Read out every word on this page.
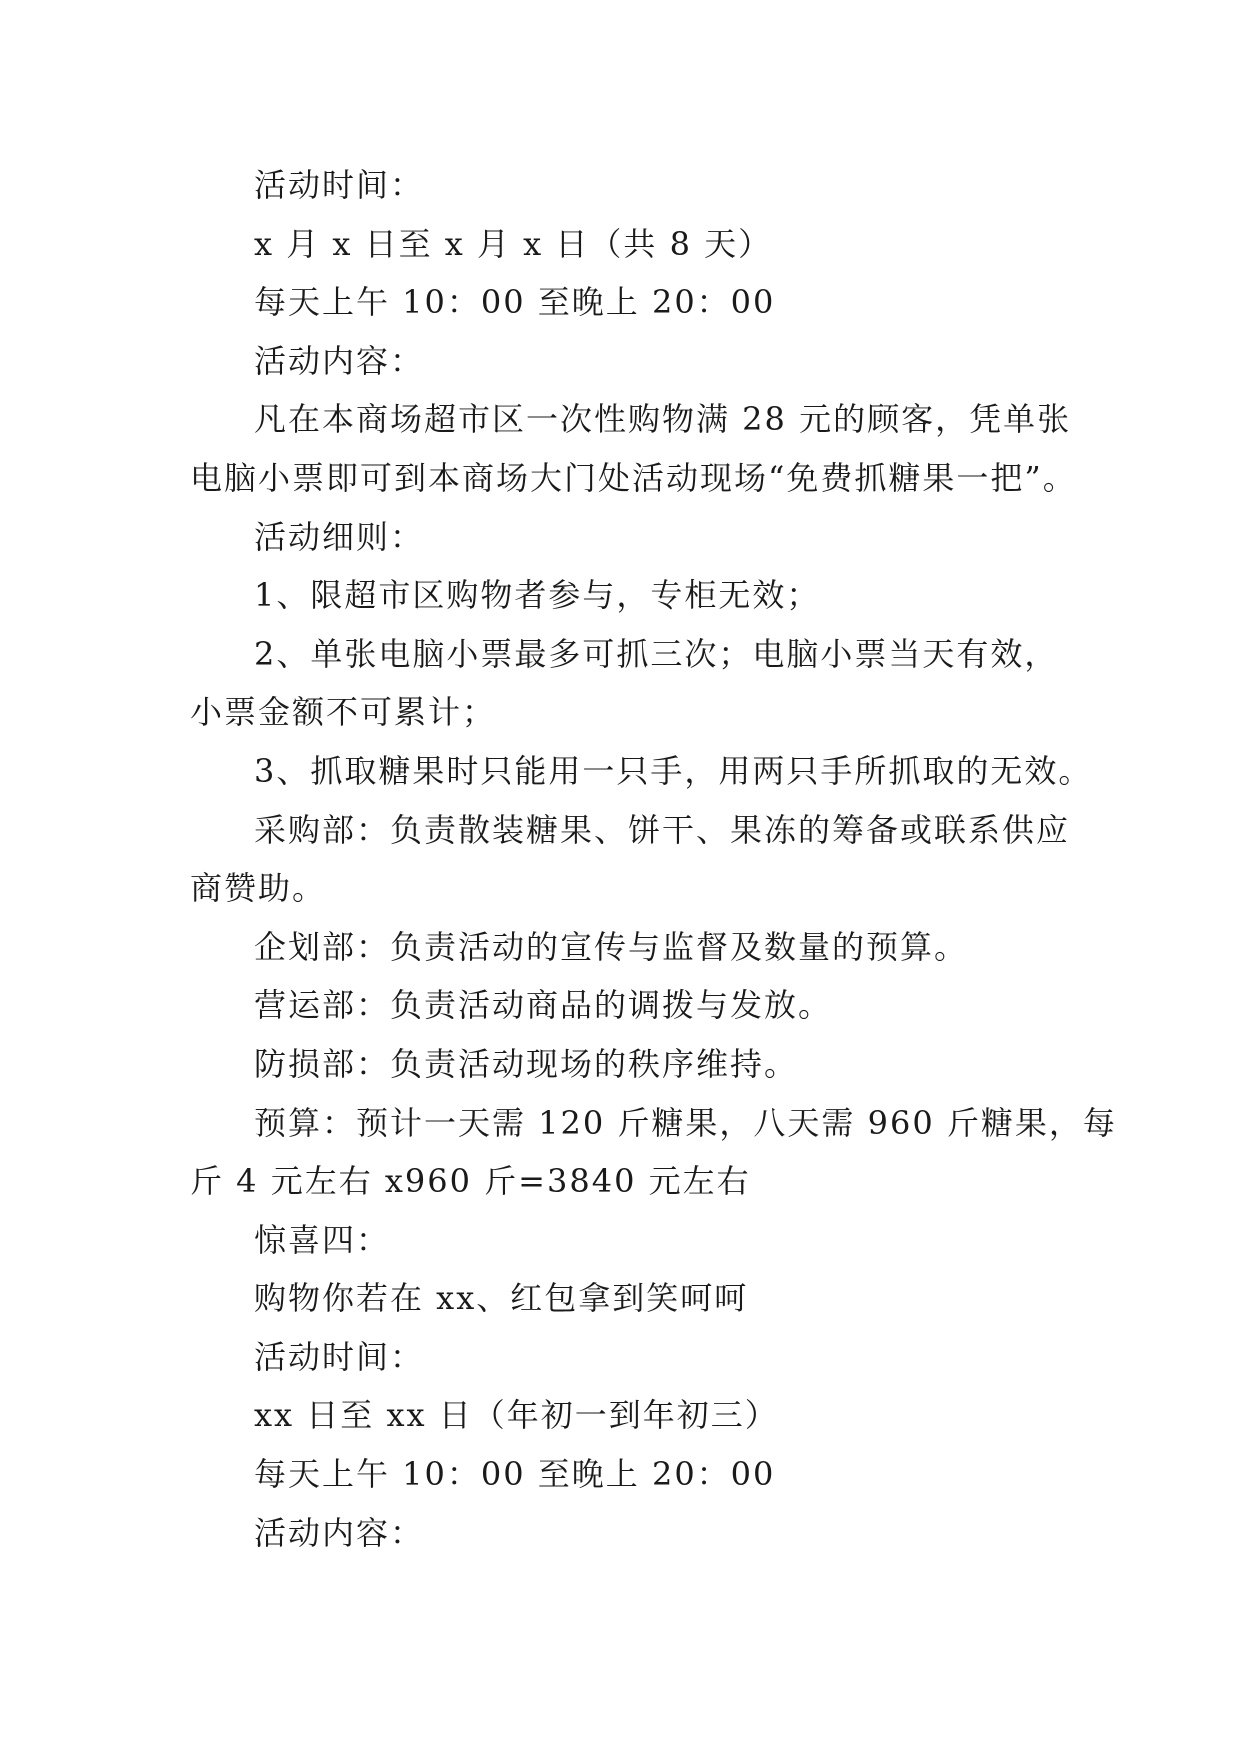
活动时间：

x 月 x 日至 x 月 x 日（共 8 天）

每天上午 10：00 至晚上 20：00

活动内容：

凡在本商场超市区一次性购物满 28 元的顾客，凭单张

电脑小票即可到本商场大门处活动现场“免费抓糖果一把”。

活动细则：

1、限超市区购物者参与，专柜无效；

2、单张电脑小票最多可抓三次；电脑小票当天有效，

小票金额不可累计；

3、抓取糖果时只能用一只手，用两只手所抓取的无效。

采购部：负责散装糖果、饼干、果冻的筹备或联系供应

商赞助。

企划部：负责活动的宣传与监督及数量的预算。

营运部：负责活动商品的调拨与发放。

防损部：负责活动现场的秩序维持。

预算：预计一天需 120 斤糖果，八天需 960 斤糖果，每

斤 4 元左右 x960 斤=3840 元左右

惊喜四：

购物你若在 xx、红包拿到笑呵呵

活动时间：

xx 日至 xx 日（年初一到年初三）

每天上午 10：00 至晚上 20：00

活动内容：
